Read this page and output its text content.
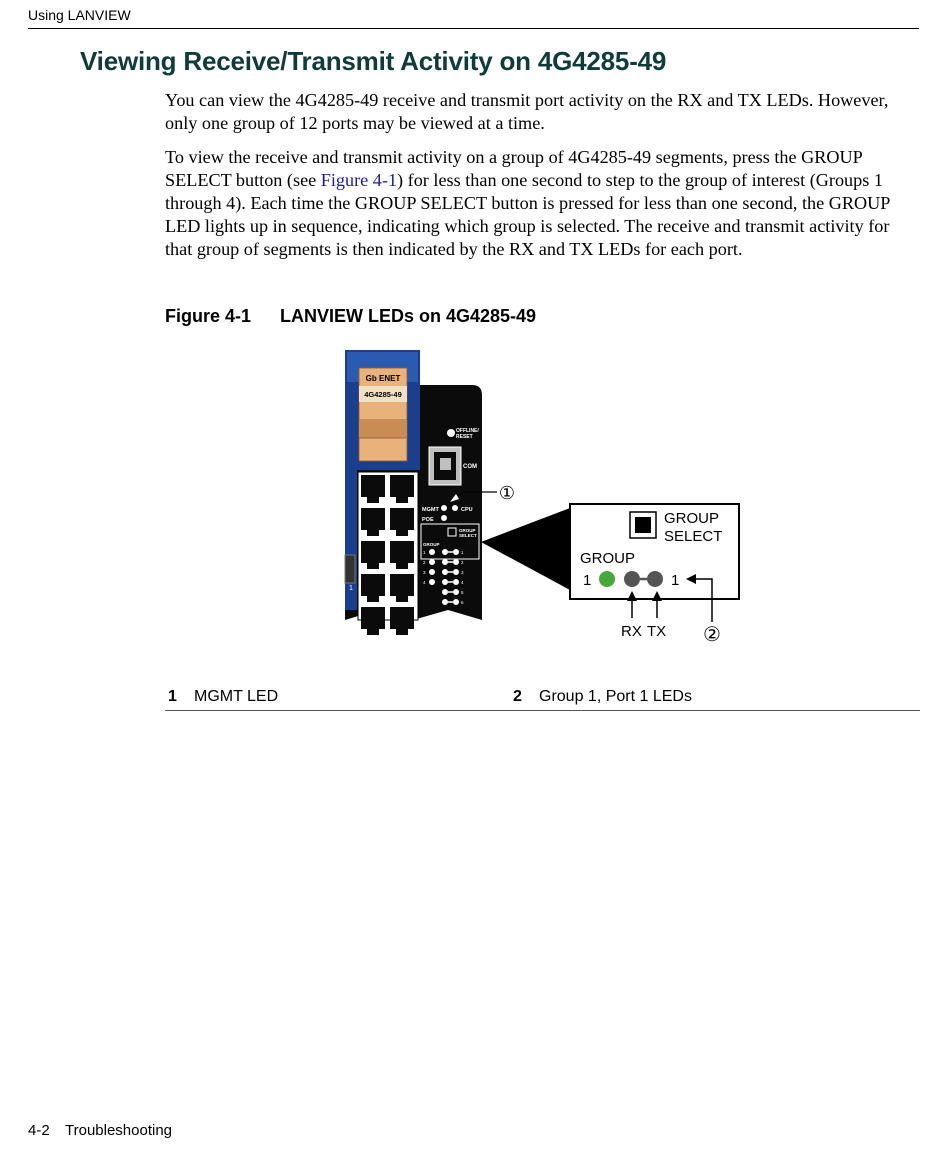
Using LANVIEW
Viewing Receive/Transmit Activity on 4G4285-49

You can view the 4G4285-49 receive and transmit port activity on the RX and TX LEDs. However, only one group of 12 ports may be viewed at a time.

To view the receive and transmit activity on a group of 4G4285-49 segments, press the GROUP SELECT button (see Figure 4-1) for less than one second to step to the group of interest (Groups 1 through 4). Each time the GROUP SELECT button is pressed for less than one second, the GROUP LED lights up in sequence, indicating which group is selected. The receive and transmit activity for that group of segments is then indicated by the RX and TX LEDs for each port.

Figure 4-1 LANVIEW LEDs on 4G4285-49
1
Gb ENET
4G4285-49
OFFLINE/
RESET
COM
MGMT	CPU
POE
①
GROUP
SELECT
GROUP
1	1
2	2
3	3
4	4
5
6
GROUP
SELECT
GROUP
1	1
②
RX TX
1 MGMT LED	2 Group 1, Port 1 LEDs
4-2 Troubleshooting
